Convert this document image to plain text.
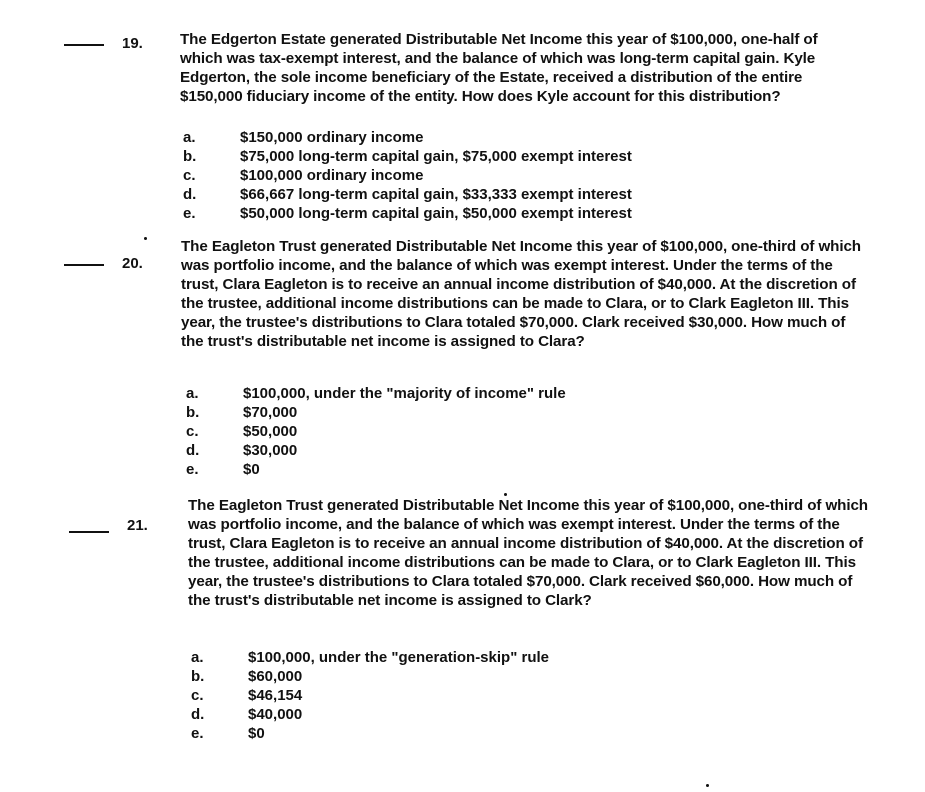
19. The Edgerton Estate generated Distributable Net Income this year of $100,000, one-half of which was tax-exempt interest, and the balance of which was long-term capital gain. Kyle Edgerton, the sole income beneficiary of the Estate, received a distribution of the entire $150,000 fiduciary income of the entity. How does Kyle account for this distribution?
a.	$150,000 ordinary income
b.	$75,000 long-term capital gain, $75,000 exempt interest
c.	$100,000 ordinary income
d.	$66,667 long-term capital gain, $33,333 exempt interest
e.	$50,000 long-term capital gain, $50,000 exempt interest
20.
The Eagleton Trust generated Distributable Net Income this year of $100,000, one-third of which was portfolio income, and the balance of which was exempt interest. Under the terms of the trust, Clara Eagleton is to receive an annual income distribution of $40,000. At the discretion of the trustee, additional income distributions can be made to Clara, or to Clark Eagleton III. This year, the trustee's distributions to Clara totaled $70,000. Clark received $30,000. How much of the trust's distributable net income is assigned to Clara?
a.	$100,000, under the "majority of income" rule
b.	$70,000
c.	$50,000
d.	$30,000
e.	$0
21.
The Eagleton Trust generated Distributable Net Income this year of $100,000, one-third of which was portfolio income, and the balance of which was exempt interest. Under the terms of the trust, Clara Eagleton is to receive an annual income distribution of $40,000. At the discretion of the trustee, additional income distributions can be made to Clara, or to Clark Eagleton III. This year, the trustee's distributions to Clara totaled $70,000. Clark received $60,000. How much of the trust's distributable net income is assigned to Clark?
a.	$100,000, under the "generation-skip" rule
b.	$60,000
c.	$46,154
d.	$40,000
e.	$0
